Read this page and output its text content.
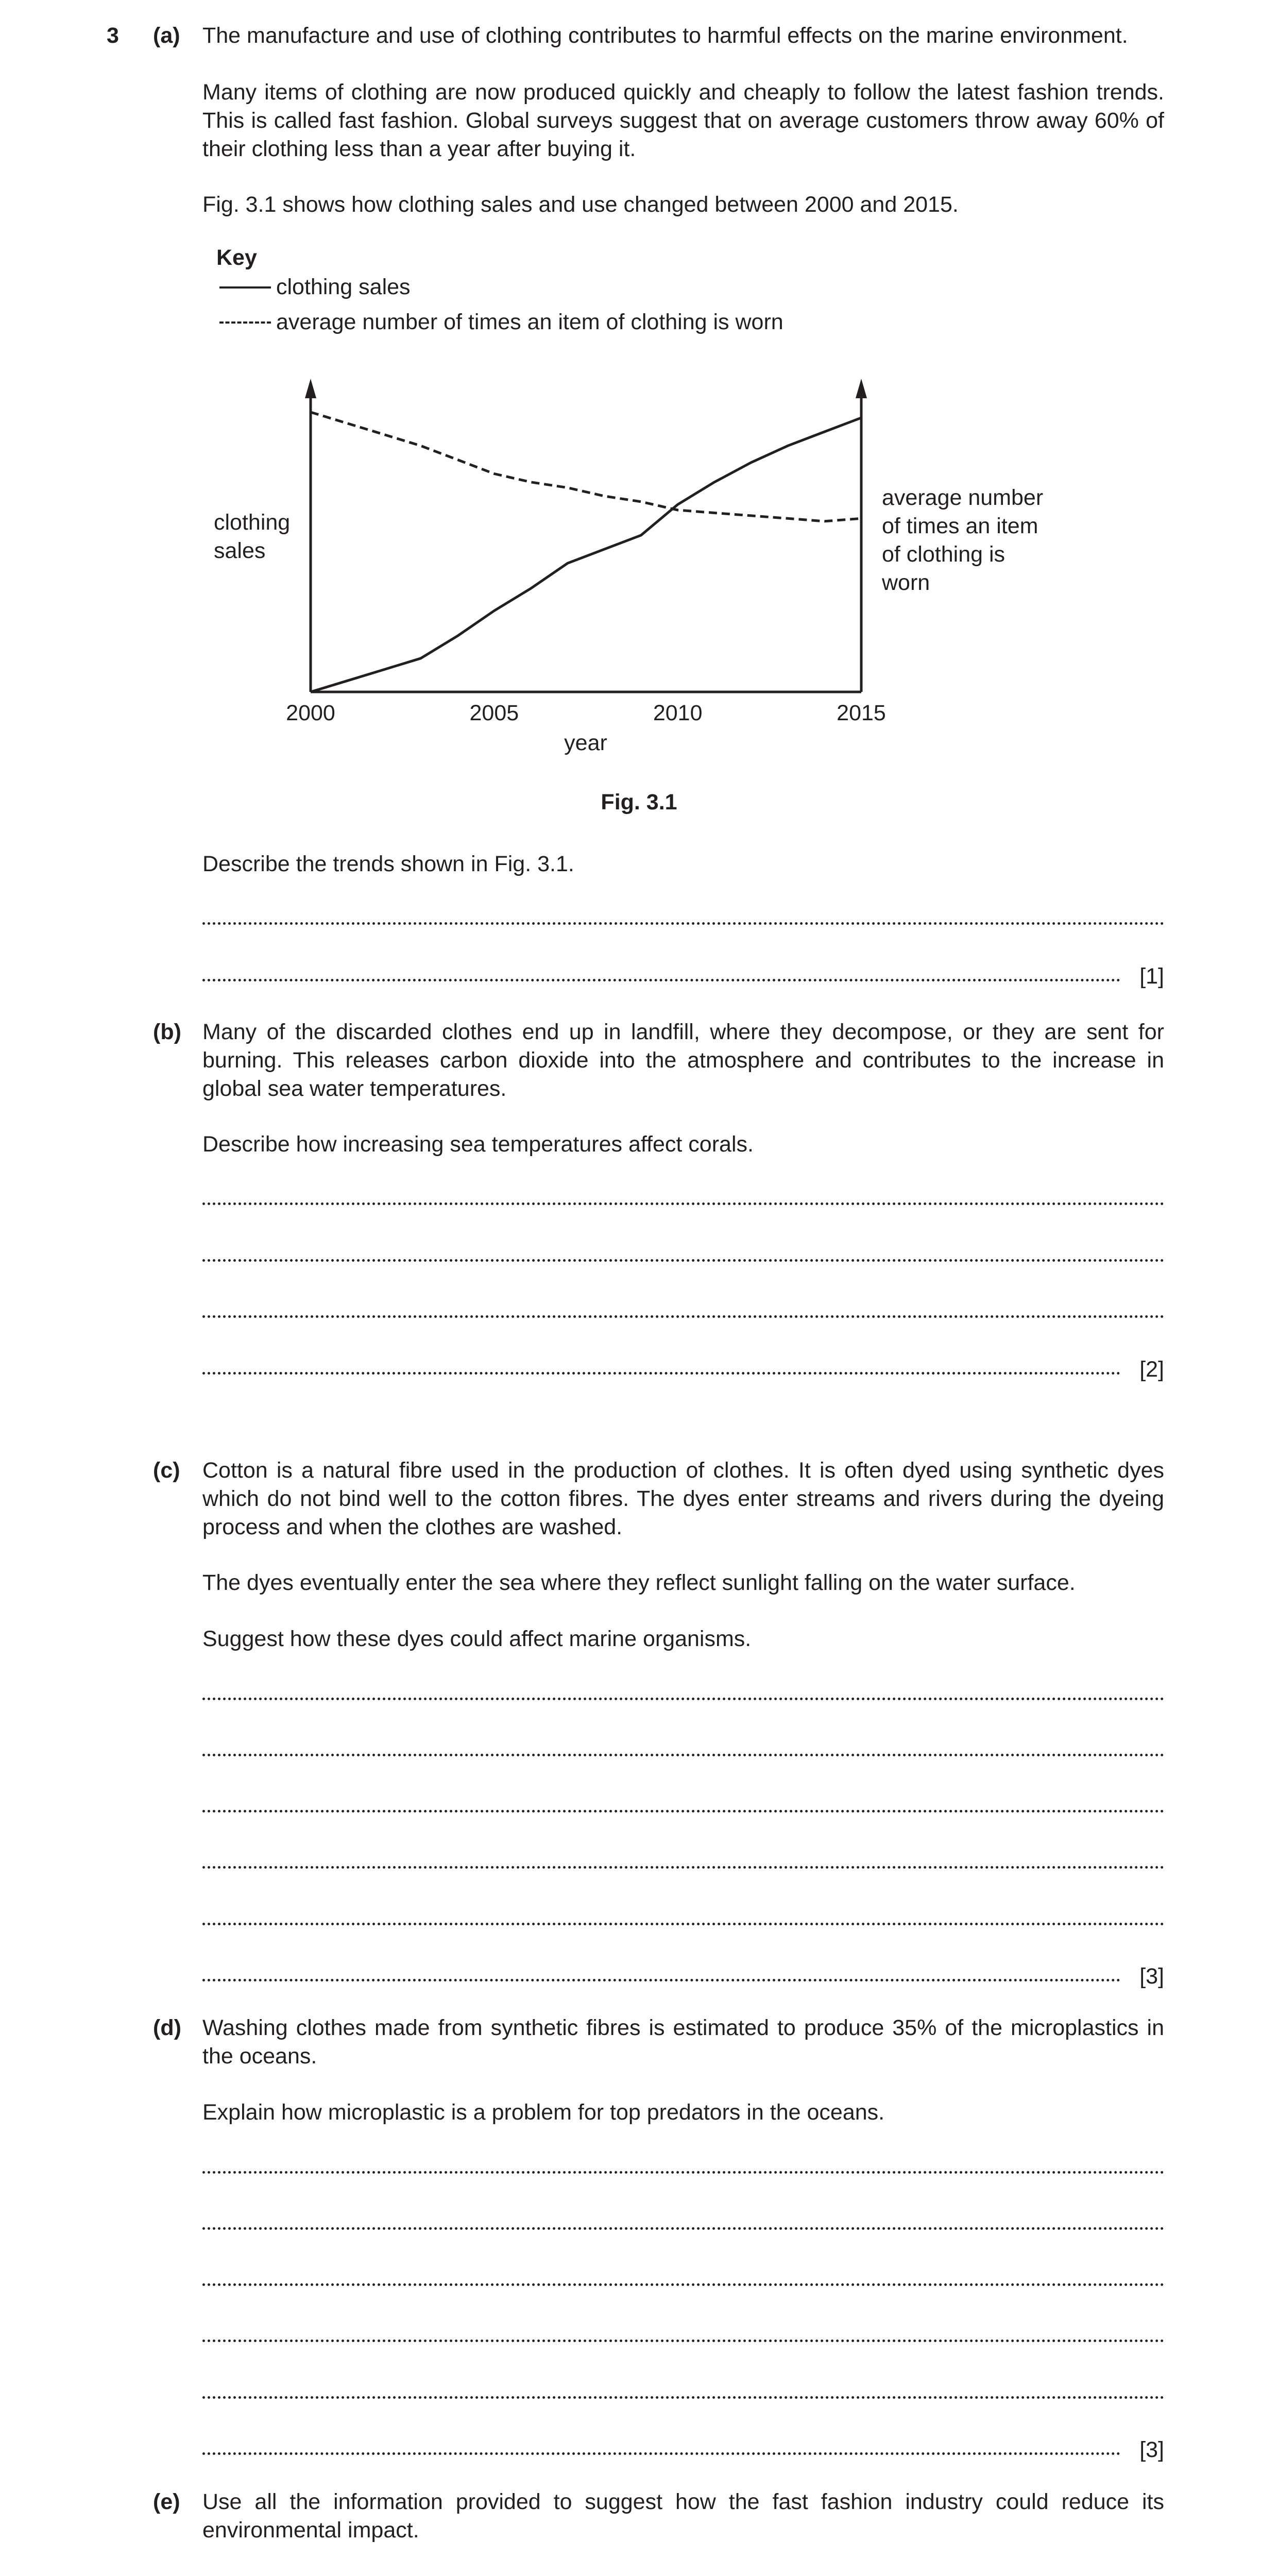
3 (a) The manufacture and use of clothing contributes to harmful effects on the marine environment.
Many items of clothing are now produced quickly and cheaply to follow the latest fashion trends. This is called fast fashion. Global surveys suggest that on average customers throw away 60% of their clothing less than a year after buying it.
Fig. 3.1 shows how clothing sales and use changed between 2000 and 2015.
Key
clothing sales
average number of times an item of clothing is worn
2000	2005	2010	2015
year
clothing sales
average number of times an item of clothing is worn
Fig. 3.1
Describe the trends shown in Fig. 3.1.
[1]
(b) Many of the discarded clothes end up in landfill, where they decompose, or they are sent for burning. This releases carbon dioxide into the atmosphere and contributes to the increase in global sea water temperatures.
Describe how increasing sea temperatures affect corals.
[2]
(c) Cotton is a natural fibre used in the production of clothes. It is often dyed using synthetic dyes which do not bind well to the cotton fibres. The dyes enter streams and rivers during the dyeing process and when the clothes are washed.
The dyes eventually enter the sea where they reflect sunlight falling on the water surface.
Suggest how these dyes could affect marine organisms.
[3]
(d) Washing clothes made from synthetic fibres is estimated to produce 35% of the microplastics in the oceans.
Explain how microplastic is a problem for top predators in the oceans.
[3]
(e) Use all the information provided to suggest how the fast fashion industry could reduce its environmental impact.
